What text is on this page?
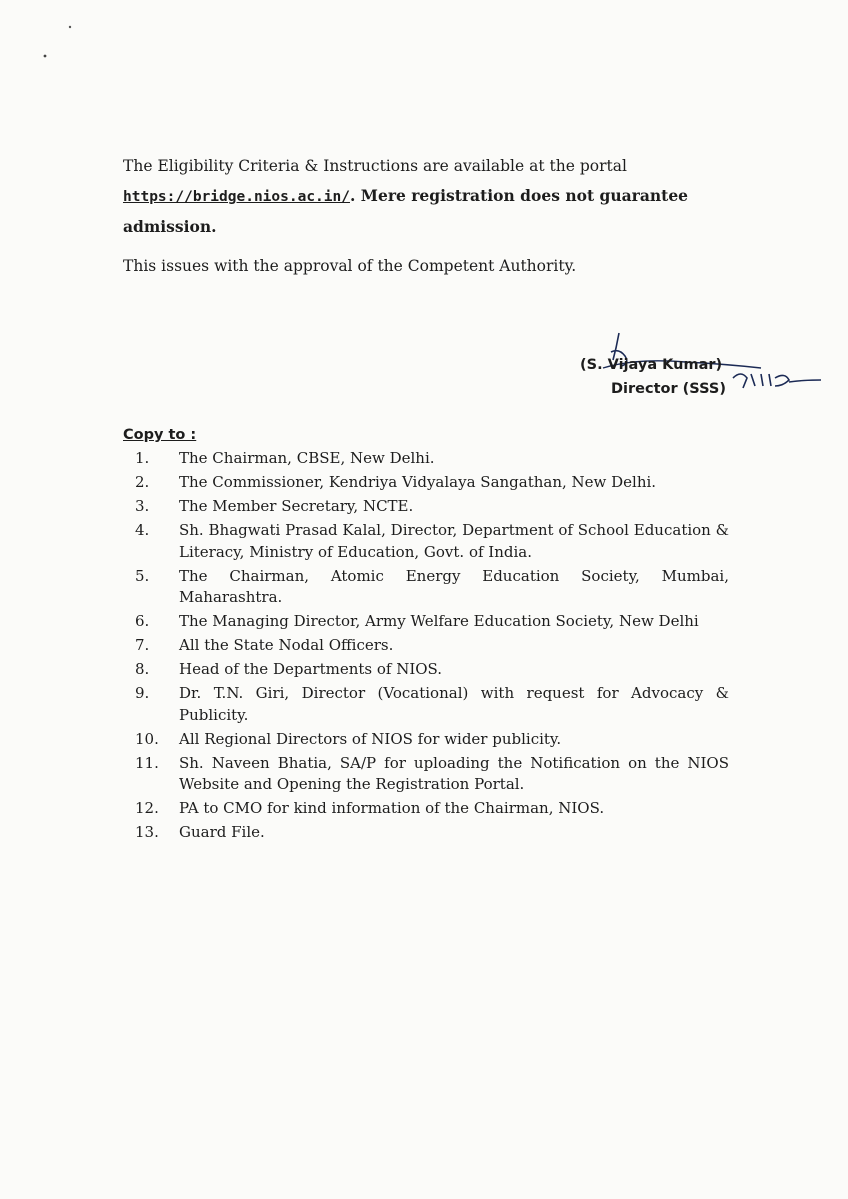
The Eligibility Criteria & Instructions are available at the portal
https://bridge.nios.ac.in/. Mere registration does not guarantee
admission.
This issues with the approval of the Competent Authority.
(S. Vijaya Kumar)
Director (SSS)
Copy to :
1.	The Chairman, CBSE, New Delhi.
2.	The Commissioner, Kendriya Vidyalaya Sangathan, New Delhi.
3.	The Member Secretary, NCTE.
4.	Sh. Bhagwati Prasad Kalal, Director, Department of School Education & Literacy, Ministry of Education, Govt. of India.
5.	The Chairman, Atomic Energy Education Society, Mumbai, Maharashtra.
6.	The Managing Director, Army Welfare Education Society, New Delhi
7.	All the State Nodal Officers.
8.	Head of the Departments of NIOS.
9.	Dr. T.N. Giri, Director (Vocational) with request for Advocacy & Publicity.
10.	All Regional Directors of NIOS for wider publicity.
11.	Sh. Naveen Bhatia, SA/P for uploading the Notification on the NIOS Website and Opening the Registration Portal.
12.	PA to CMO for kind information of the Chairman, NIOS.
13.	Guard File.
